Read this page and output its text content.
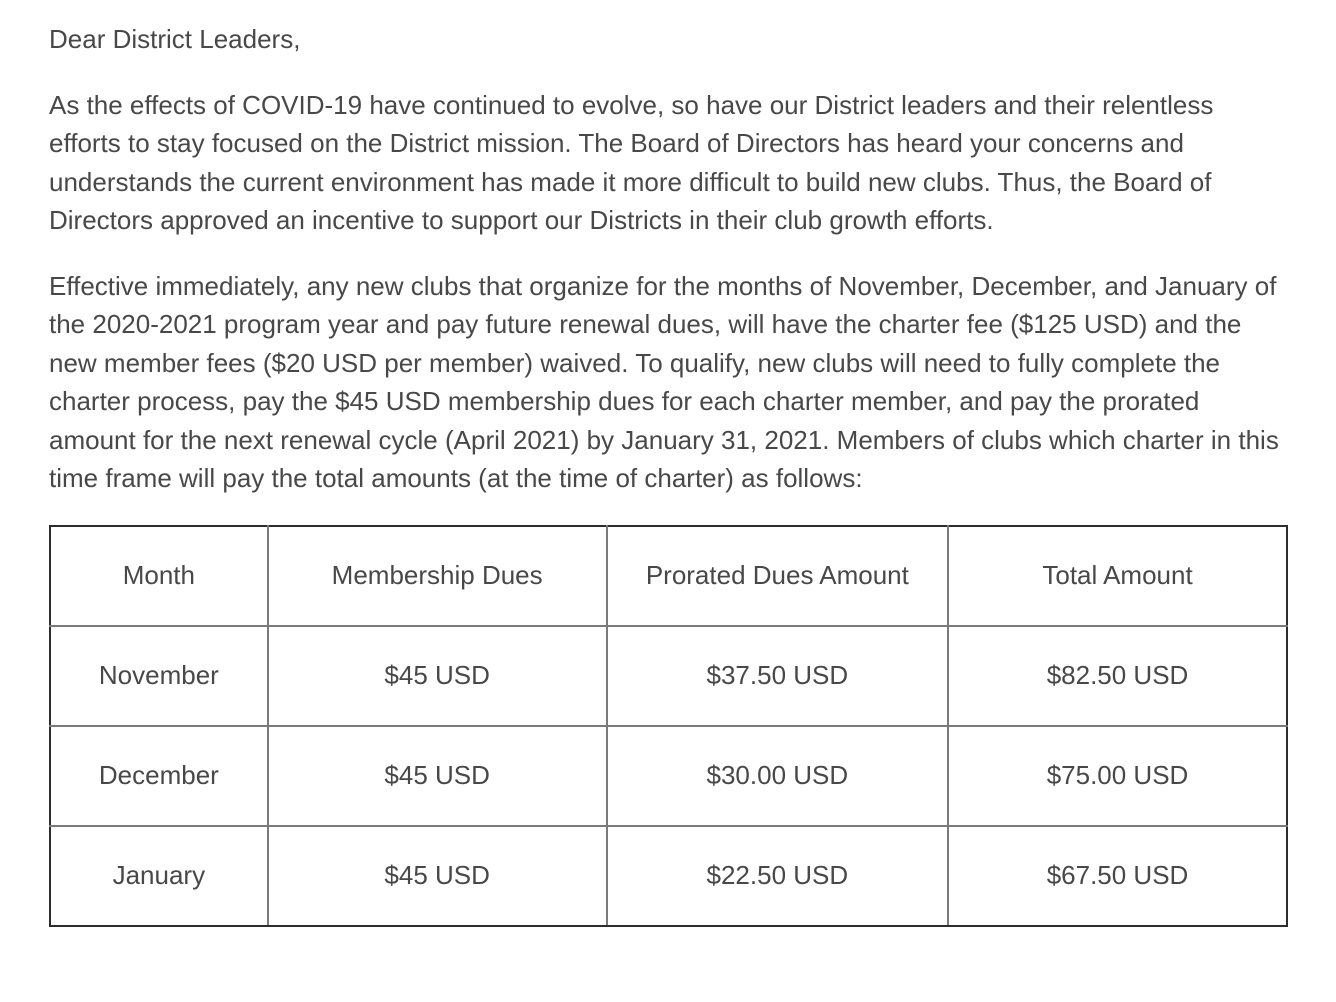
Dear District Leaders,

As the effects of COVID-19 have continued to evolve, so have our District leaders and their relentless efforts to stay focused on the District mission. The Board of Directors has heard your concerns and understands the current environment has made it more difficult to build new clubs. Thus, the Board of Directors approved an incentive to support our Districts in their club growth efforts.

Effective immediately, any new clubs that organize for the months of November, December, and January of the 2020-2021 program year and pay future renewal dues, will have the charter fee ($125 USD) and the new member fees ($20 USD per member) waived. To qualify, new clubs will need to fully complete the charter process, pay the $45 USD membership dues for each charter member, and pay the prorated amount for the next renewal cycle (April 2021) by January 31, 2021. Members of clubs which charter in this time frame will pay the total amounts (at the time of charter) as follows:

Month	Membership Dues	Prorated Dues Amount	Total Amount
November	$45 USD	$37.50 USD	$82.50 USD
December	$45 USD	$30.00 USD	$75.00 USD
January	$45 USD	$22.50 USD	$67.50 USD
